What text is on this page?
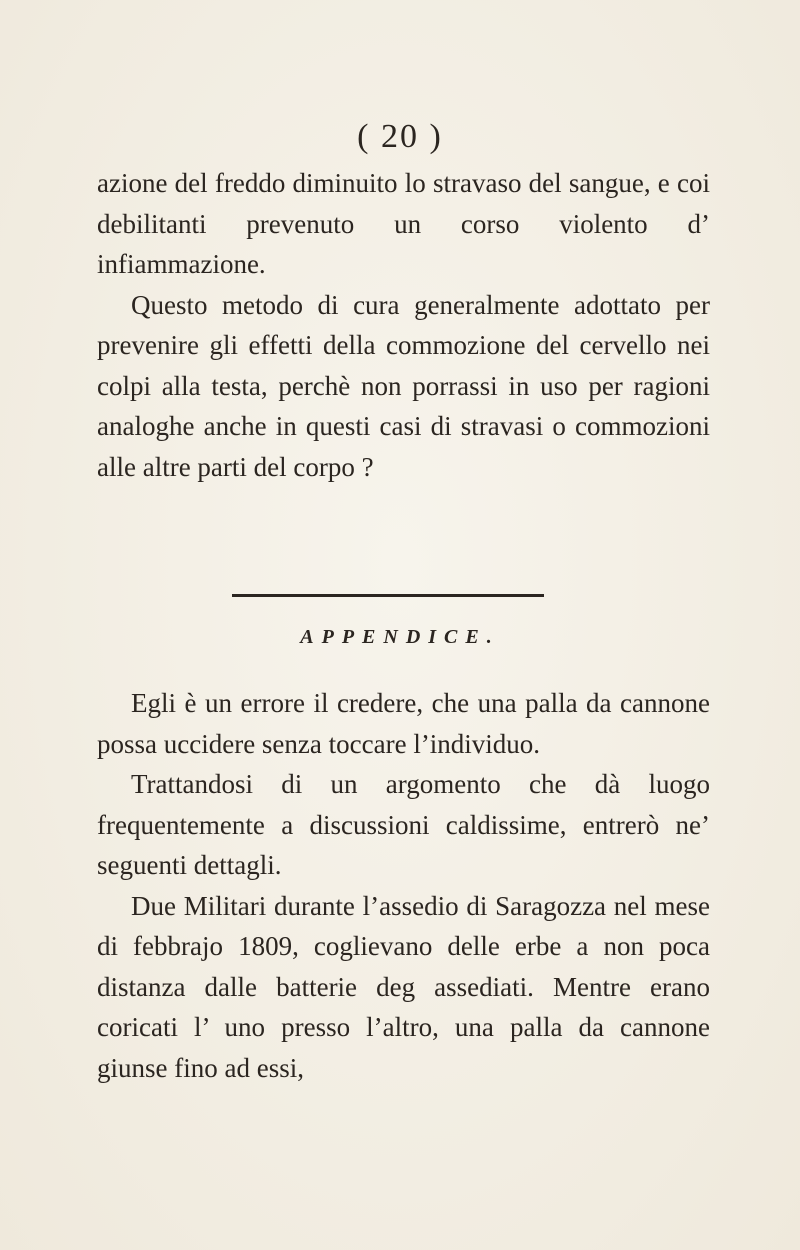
( 20 )

azione del freddo diminuito lo stravaso del sangue, e coi debilitanti prevenuto un corso violento d’ infiammazione.

Questo metodo di cura generalmente adottato per prevenire gli effetti della commozione del cervello nei colpi alla testa, perchè non porrassi in uso per ragioni analoghe anche in questi casi di stravasi o commozioni alle altre parti del corpo ?

APPENDICE.

Egli è un errore il credere, che una palla da cannone possa uccidere senza toccare l’individuo.

Trattandosi di un argomento che dà luogo frequentemente a discussioni caldissime, entrerò ne’ seguenti dettagli.

Due Militari durante l’assedio di Saragozza nel mese di febbrajo 1809, coglievano delle erbe a non poca distanza dalle batterie deg assediati. Mentre erano coricati l’ uno presso l’altro, una palla da cannone giunse fino ad essi,
